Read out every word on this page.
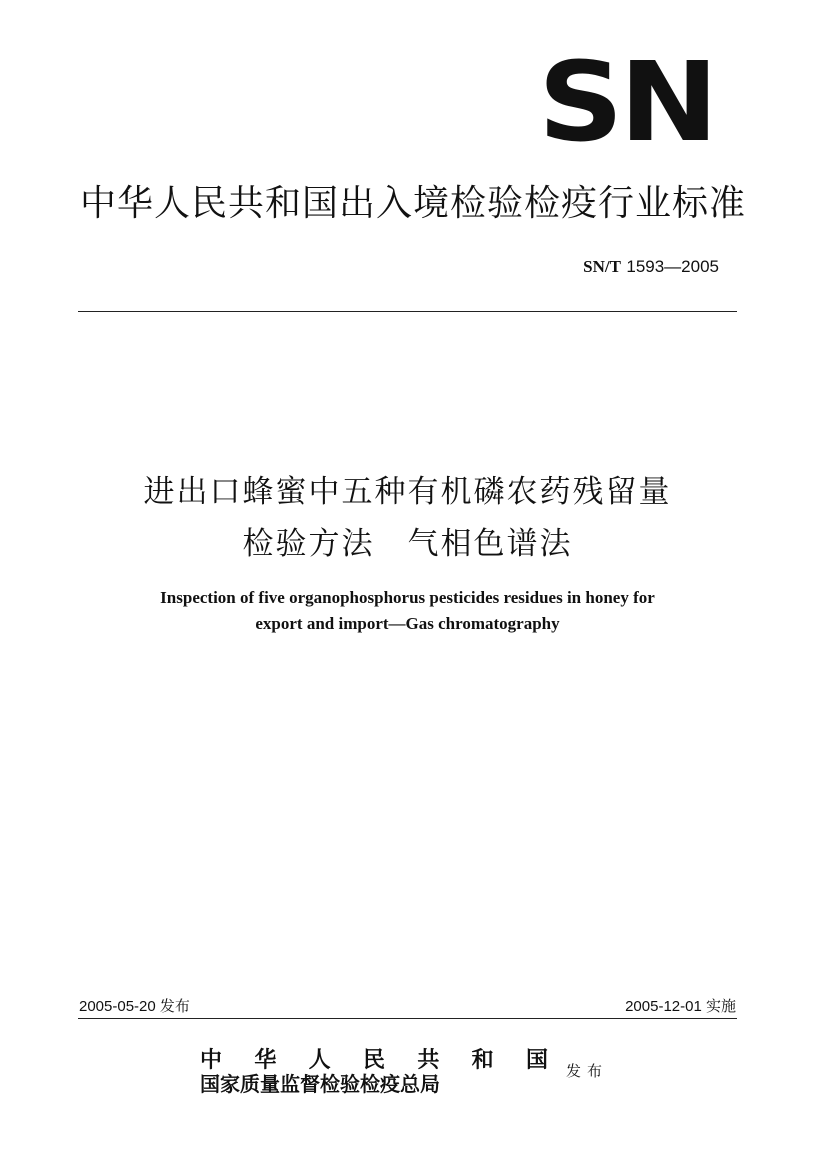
SN
中华人民共和国出入境检验检疫行业标准
SN/T 1593—2005
进出口蜂蜜中五种有机磷农药残留量
检验方法　气相色谱法
Inspection of five organophosphorus pesticides residues in honey for
export and import—Gas chromatography
2005-05-20 发布	2005-12-01 实施
中 华 人 民 共 和 国
国家质量监督检验检疫总局
发布
